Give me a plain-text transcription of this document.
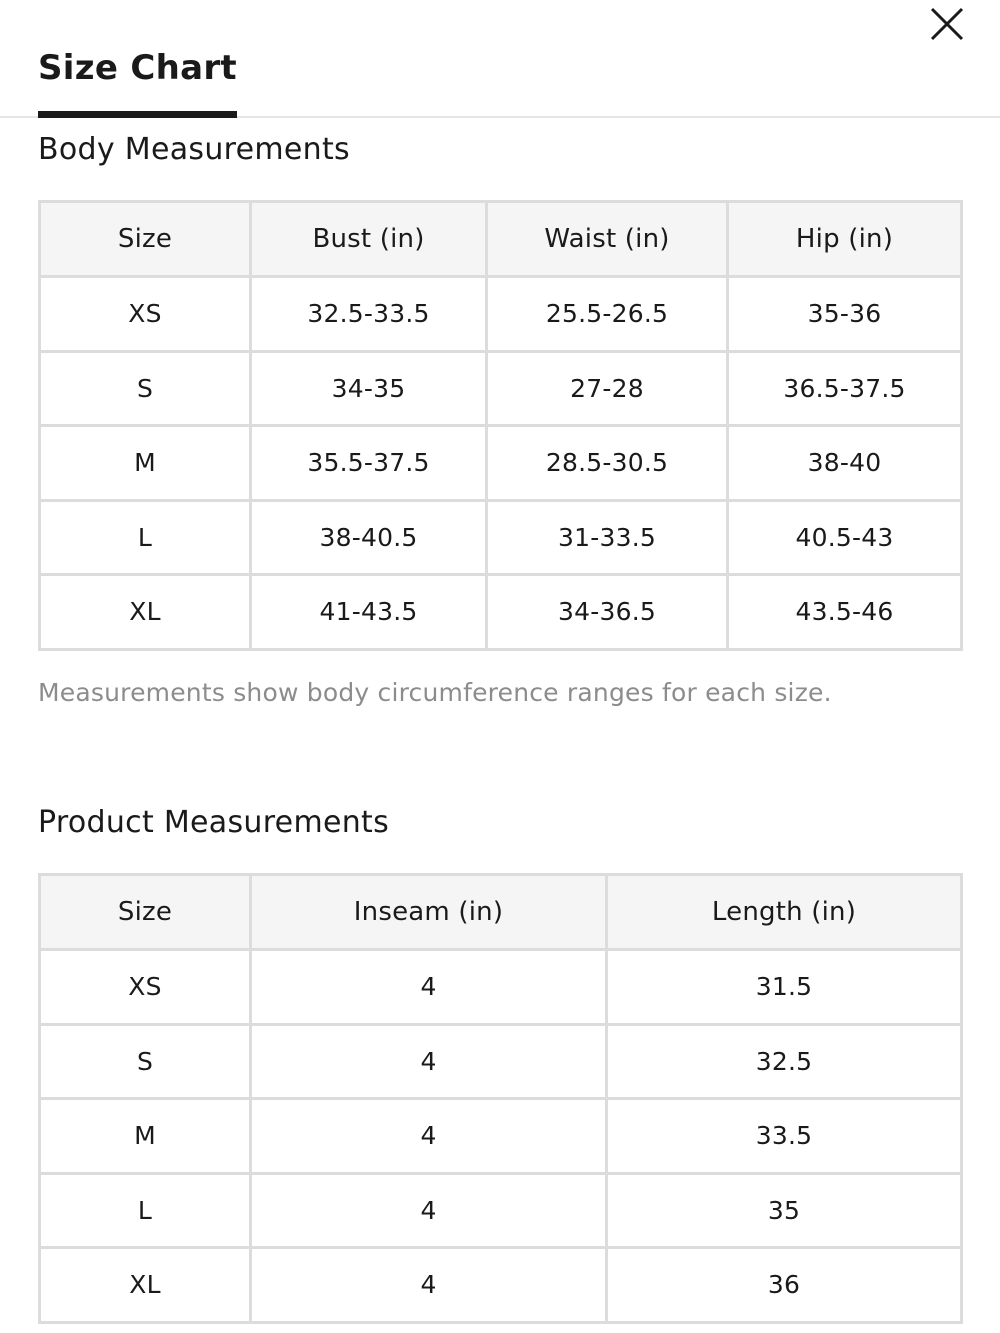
Size Chart
Body Measurements
Size	Bust (in)	Waist (in)	Hip (in)
XS	32.5-33.5	25.5-26.5	35-36
S	34-35	27-28	36.5-37.5
M	35.5-37.5	28.5-30.5	38-40
L	38-40.5	31-33.5	40.5-43
XL	41-43.5	34-36.5	43.5-46
Measurements show body circumference ranges for each size.
Product Measurements
Size	Inseam (in)	Length (in)
XS	4	31.5
S	4	32.5
M	4	33.5
L	4	35
XL	4	36
